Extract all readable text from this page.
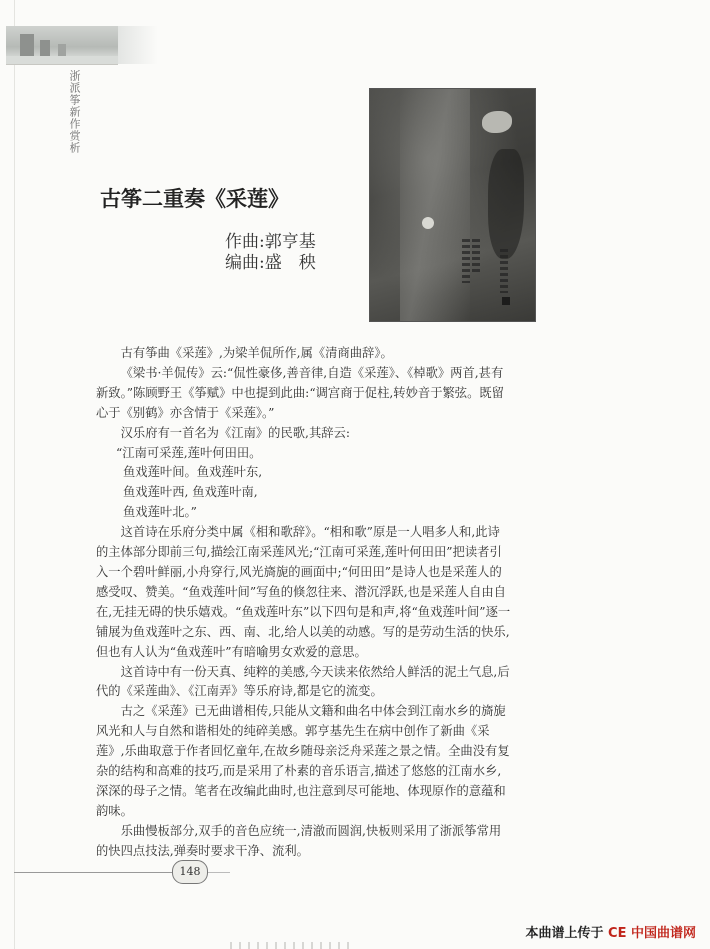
浙派筝新作赏析
古筝二重奏《采莲》
作曲:郭亨基
编曲:盛　秧

古有筝曲《采莲》,为梁羊侃所作,属《清商曲辞》。

《梁书·羊侃传》云:“侃性豪侈,善音律,自造《采莲》、《棹歌》两首,甚有新致。”陈顾野王《筝赋》中也提到此曲:“调宫商于促柱,转妙音于繁弦。既留心于《别鹤》亦含情于《采莲》。”

汉乐府有一首名为《江南》的民歌,其辞云:

“江南可采莲,莲叶何田田。

鱼戏莲叶间。鱼戏莲叶东,

鱼戏莲叶西, 鱼戏莲叶南,

鱼戏莲叶北。”

这首诗在乐府分类中属《相和歌辞》。“相和歌”原是一人唱多人和,此诗的主体部分即前三句,描绘江南采莲风光;“江南可采莲,莲叶何田田”把读者引入一个碧叶鲜丽,小舟穿行,风光旖旎的画面中;“何田田”是诗人也是采莲人的感受叹、赞美。“鱼戏莲叶间”写鱼的倏忽往来、潜沉浮跃,也是采莲人自由自在,无挂无碍的快乐嬉戏。“鱼戏莲叶东”以下四句是和声,将“鱼戏莲叶间”逐一铺展为鱼戏莲叶之东、西、南、北,给人以美的动感。写的是劳动生活的快乐,但也有人认为“鱼戏莲叶”有暗喻男女欢爱的意思。

这首诗中有一份天真、纯粹的美感,今天读来依然给人鲜活的泥土气息,后代的《采莲曲》、《江南弄》等乐府诗,都是它的流变。

古之《采莲》已无曲谱相传,只能从文籍和曲名中体会到江南水乡的旖旎风光和人与自然和谐相处的纯碎美感。郭亨基先生在病中创作了新曲《采莲》,乐曲取意于作者回忆童年,在故乡随母亲泛舟采莲之景之情。全曲没有复杂的结构和高难的技巧,而是采用了朴素的音乐语言,描述了悠悠的江南水乡,深深的母子之情。笔者在改编此曲时,也注意到尽可能地、体现原作的意蕴和韵味。

乐曲慢板部分,双手的音色应统一,清澈而圆润,快板则采用了浙派筝常用的快四点技法,弹奏时要求干净、流利。

148
本曲谱上传于 CE 中国曲谱网
